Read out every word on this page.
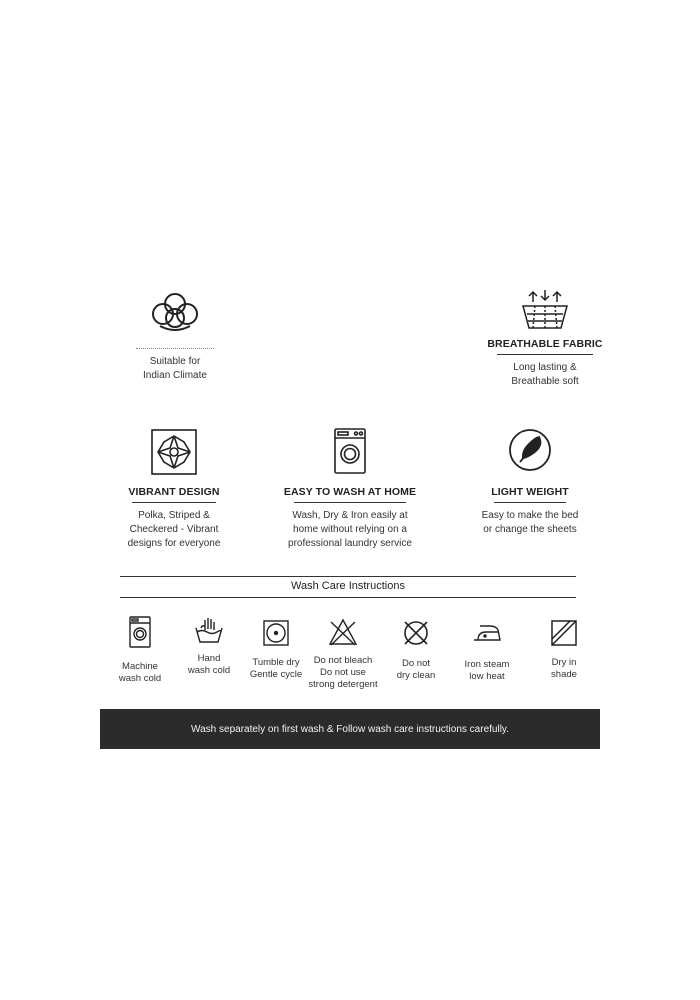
Suitable for
Indian Climate
BREATHABLE FABRIC
Long lasting &
Breathable soft
VIBRANT DESIGN
Polka, Striped &
Checkered - Vibrant
designs for everyone
EASY TO WASH AT HOME
Wash, Dry & Iron easily at
home without relying on a
professional laundry service
LIGHT WEIGHT
Easy to make the bed
or change the sheets
Wash Care Instructions
Machine
wash cold
Hand
wash cold
Tumble dry
Gentle cycle
Do not bleach
Do not use
strong detergent
Do not
dry clean
Iron steam
low heat
Dry in
shade
Wash separately on first wash & Follow wash care instructions carefully.
